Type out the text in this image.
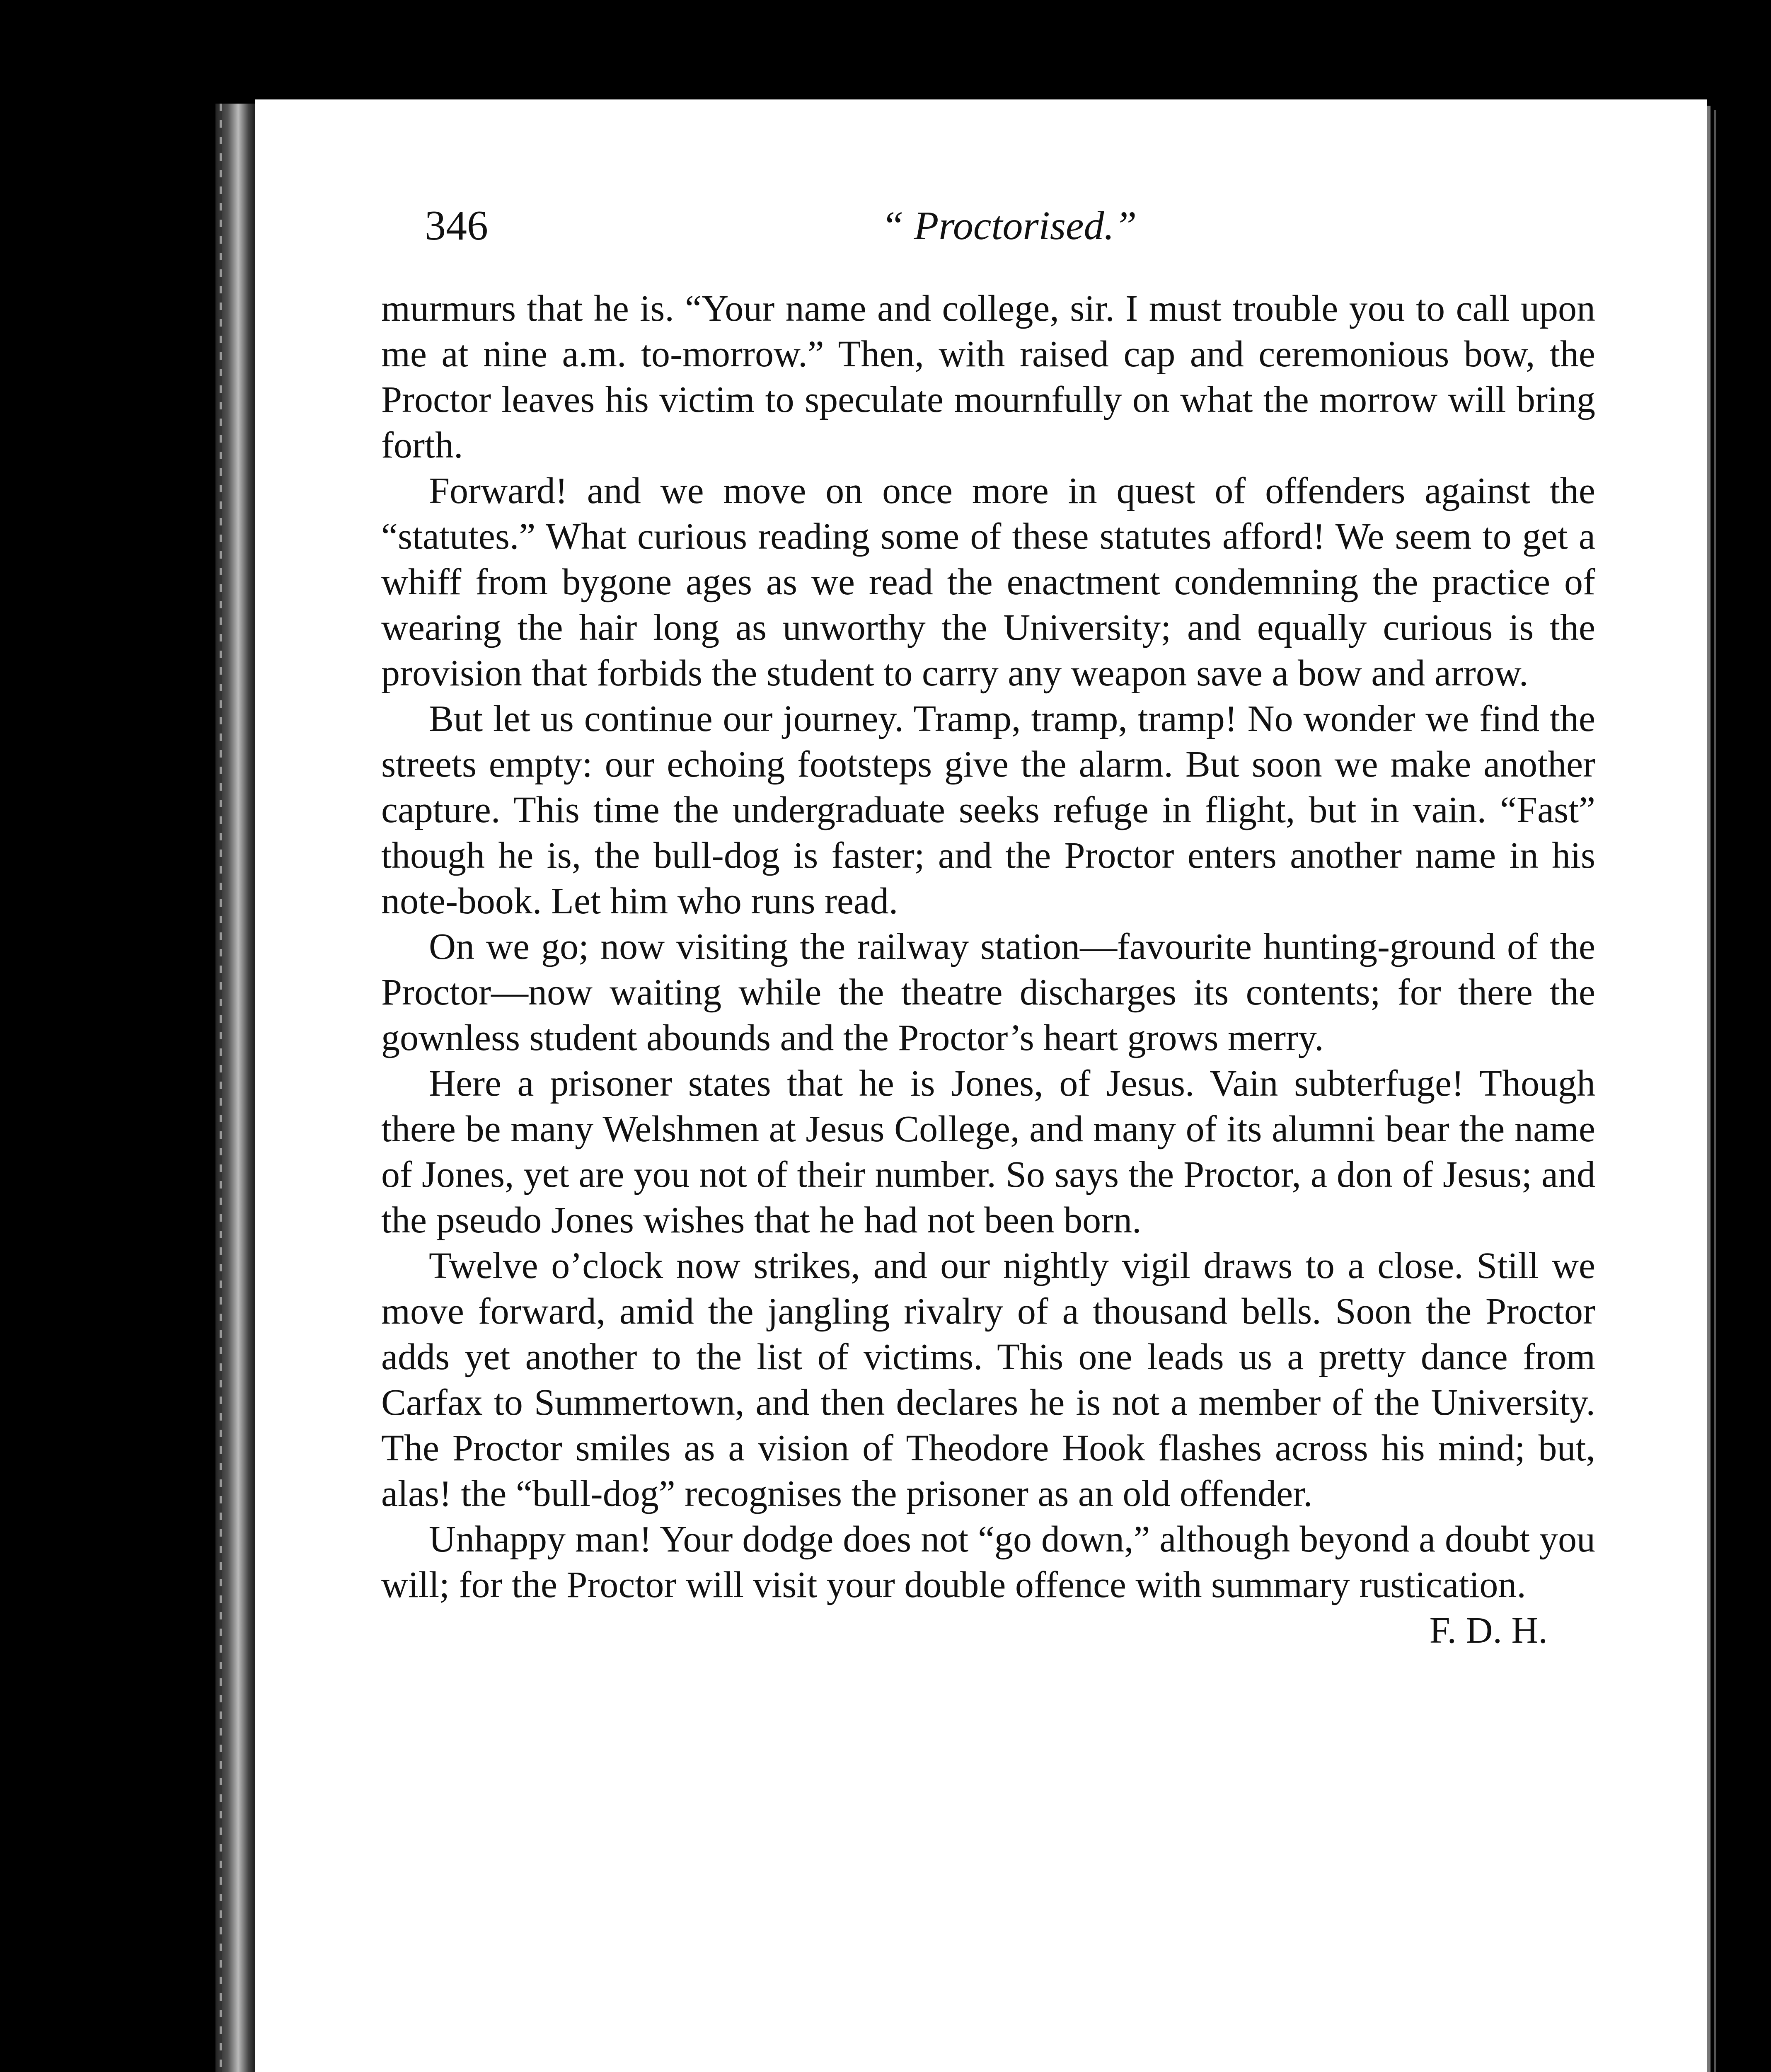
346	“ Proctorised.”

murmurs that he is. “Your name and college, sir. I must trouble you to call upon me at nine a.m. to-morrow.” Then, with raised cap and ceremonious bow, the Proctor leaves his victim to speculate mournfully on what the morrow will bring forth.

Forward! and we move on once more in quest of offenders against the “statutes.” What curious reading some of these statutes afford! We seem to get a whiff from bygone ages as we read the enactment condemning the practice of wearing the hair long as unworthy the University; and equally curious is the provision that forbids the student to carry any weapon save a bow and arrow.

But let us continue our journey. Tramp, tramp, tramp! No wonder we find the streets empty: our echoing footsteps give the alarm. But soon we make another capture. This time the undergraduate seeks refuge in flight, but in vain. “Fast” though he is, the bull-dog is faster; and the Proctor enters another name in his note-book. Let him who runs read.

On we go; now visiting the railway station—favourite hunting-ground of the Proctor—now waiting while the theatre discharges its contents; for there the gownless student abounds and the Proctor’s heart grows merry.

Here a prisoner states that he is Jones, of Jesus. Vain subterfuge! Though there be many Welshmen at Jesus College, and many of its alumni bear the name of Jones, yet are you not of their number. So says the Proctor, a don of Jesus; and the pseudo Jones wishes that he had not been born.

Twelve o’clock now strikes, and our nightly vigil draws to a close. Still we move forward, amid the jangling rivalry of a thousand bells. Soon the Proctor adds yet another to the list of victims. This one leads us a pretty dance from Carfax to Summertown, and then declares he is not a member of the University. The Proctor smiles as a vision of Theodore Hook flashes across his mind; but, alas! the “bull-dog” recognises the prisoner as an old offender.

Unhappy man! Your dodge does not “go down,” although beyond a doubt you will; for the Proctor will visit your double offence with summary rustication.
F. D. H.
